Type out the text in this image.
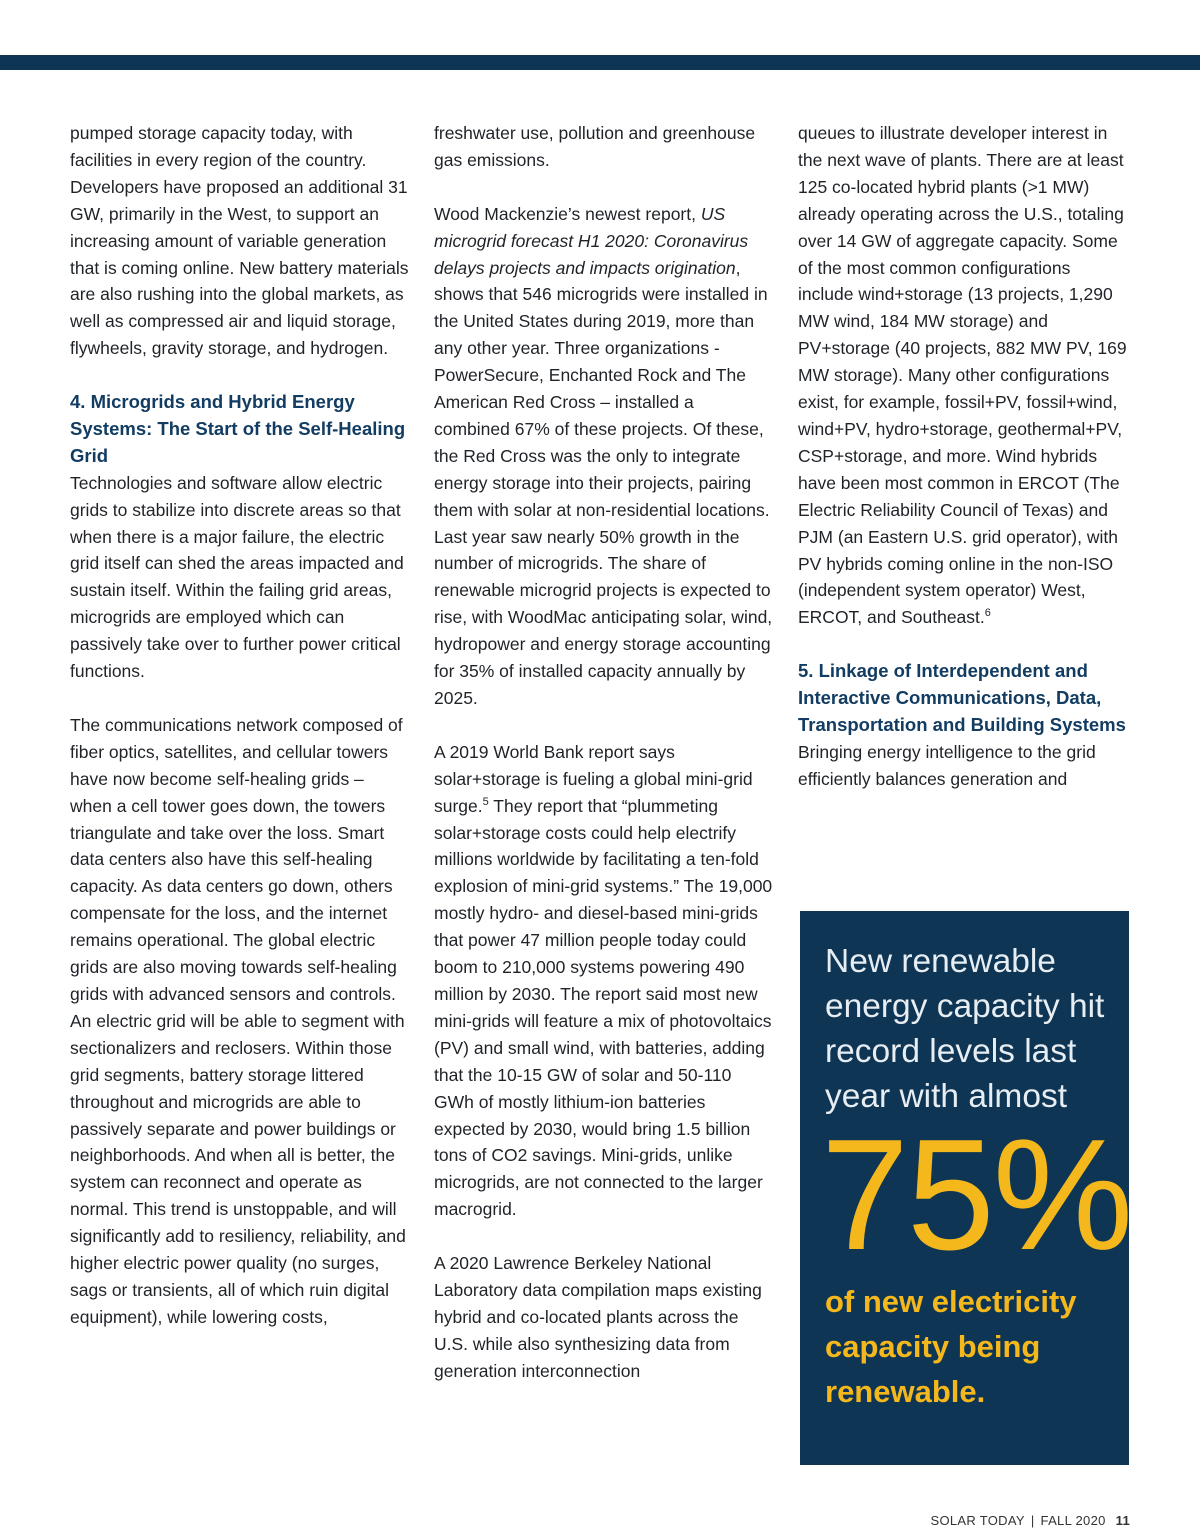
pumped storage capacity today, with facilities in every region of the country. Developers have proposed an additional 31 GW, primarily in the West, to support an increasing amount of variable generation that is coming online. New battery materials are also rushing into the global markets, as well as compressed air and liquid storage, flywheels, gravity storage, and hydrogen.

4. Microgrids and Hybrid Energy Systems: The Start of the Self-Healing Grid

Technologies and software allow electric grids to stabilize into discrete areas so that when there is a major failure, the electric grid itself can shed the areas impacted and sustain itself. Within the failing grid areas, microgrids are employed which can passively take over to further power critical functions.

The communications network composed of fiber optics, satellites, and cellular towers have now become self-healing grids – when a cell tower goes down, the towers triangulate and take over the loss. Smart data centers also have this self-healing capacity. As data centers go down, others compensate for the loss, and the internet remains operational. The global electric grids are also moving towards self-healing grids with advanced sensors and controls. An electric grid will be able to segment with sectionalizers and reclosers. Within those grid segments, battery storage littered throughout and microgrids are able to passively separate and power buildings or neighborhoods. And when all is better, the system can reconnect and operate as normal. This trend is unstoppable, and will significantly add to resiliency, reliability, and higher electric power quality (no surges, sags or transients, all of which ruin digital equipment), while lowering costs,

freshwater use, pollution and greenhouse gas emissions.

Wood Mackenzie’s newest report, US microgrid forecast H1 2020: Coronavirus delays projects and impacts origination, shows that 546 microgrids were installed in the United States during 2019, more than any other year. Three organizations - PowerSecure, Enchanted Rock and The American Red Cross – installed a combined 67% of these projects. Of these, the Red Cross was the only to integrate energy storage into their projects, pairing them with solar at non-residential locations. Last year saw nearly 50% growth in the number of microgrids. The share of renewable microgrid projects is expected to rise, with WoodMac anticipating solar, wind, hydropower and energy storage accounting for 35% of installed capacity annually by 2025.

A 2019 World Bank report says solar+storage is fueling a global mini-grid surge.$^5$ They report that “plummeting solar+storage costs could help electrify millions worldwide by facilitating a ten-fold explosion of mini-grid systems.” The 19,000 mostly hydro- and diesel-based mini-grids that power 47 million people today could boom to 210,000 systems powering 490 million by 2030. The report said most new mini-grids will feature a mix of photovoltaics (PV) and small wind, with batteries, adding that the 10-15 GW of solar and 50-110 GWh of mostly lithium-ion batteries expected by 2030, would bring 1.5 billion tons of CO2 savings. Mini-grids, unlike microgrids, are not connected to the larger macrogrid.

A 2020 Lawrence Berkeley National Laboratory data compilation maps existing hybrid and co-located plants across the U.S. while also synthesizing data from generation interconnection

queues to illustrate developer interest in the next wave of plants. There are at least 125 co-located hybrid plants (>1 MW) already operating across the U.S., totaling over 14 GW of aggregate capacity. Some of the most common configurations include wind+storage (13 projects, 1,290 MW wind, 184 MW storage) and PV+storage (40 projects, 882 MW PV, 169 MW storage). Many other configurations exist, for example, fossil+PV, fossil+wind, wind+PV, hydro+storage, geothermal+PV, CSP+storage, and more. Wind hybrids have been most common in ERCOT (The Electric Reliability Council of Texas) and PJM (an Eastern U.S. grid operator), with PV hybrids coming online in the non-ISO (independent system operator) West, ERCOT, and Southeast.$^6$

5. Linkage of Interdependent and Interactive Communications, Data, Transportation and Building Systems

Bringing energy intelligence to the grid efficiently balances generation and

New renewable energy capacity hit record levels last year with almost

75%

of new electricity capacity being renewable.

SOLAR TODAY | FALL 2020 11
